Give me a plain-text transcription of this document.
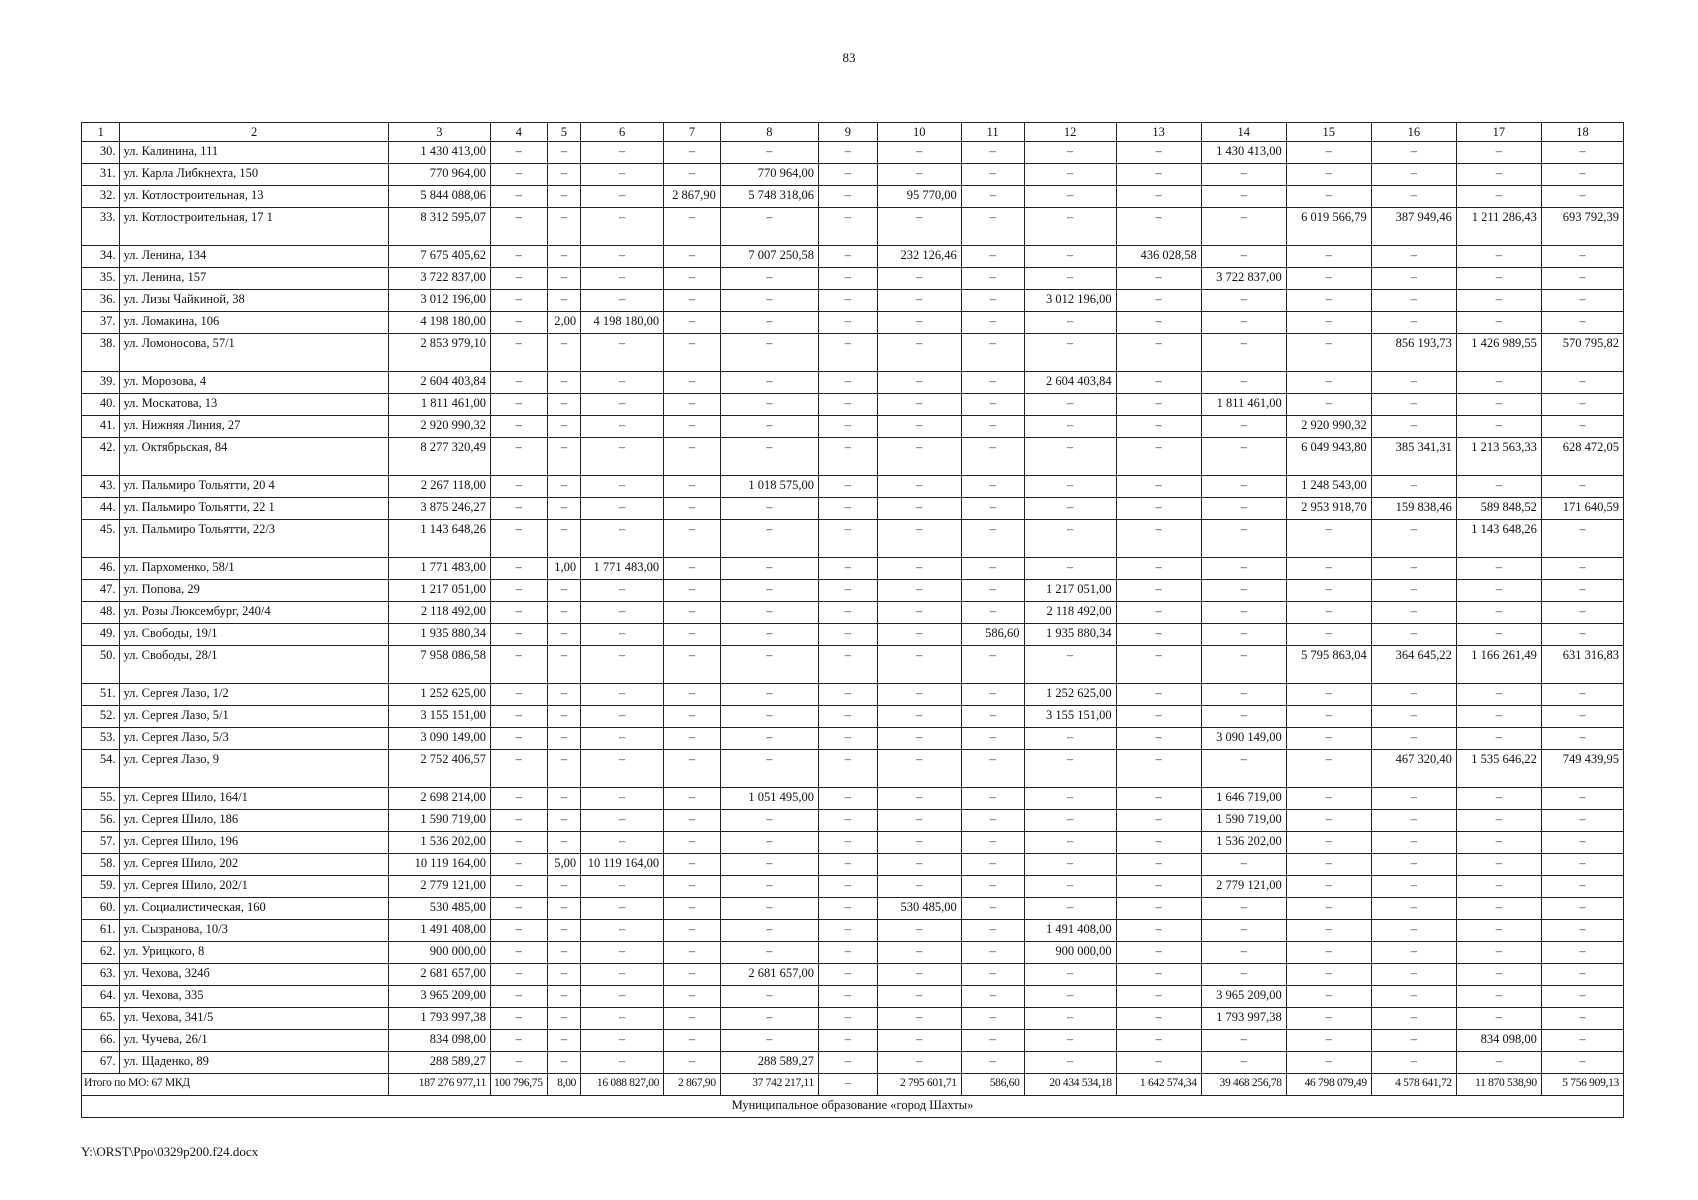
83
1	2	3	4	5	6	7	8	9	10	11	12	13	14	15	16	17	18
30.	ул. Калинина, 111	1 430 413,00	–	–	–	–	–	–	–	–	–	–	1 430 413,00	–	–	–	–
31.	ул. Карла Либкнехта, 150	770 964,00	–	–	–	–	770 964,00	–	–	–	–	–	–	–	–	–	–
32.	ул. Котлостроительная, 13	5 844 088,06	–	–	–	2 867,90	5 748 318,06	–	95 770,00	–	–	–	–	–	–	–	–
33.	ул. Котлостроительная, 17 1	8 312 595,07	–	–	–	–	–	–	–	–	–	–	–	6 019 566,79	387 949,46	1 211 286,43	693 792,39
34.	ул. Ленина, 134	7 675 405,62	–	–	–	–	7 007 250,58	–	232 126,46	–	–	436 028,58	–	–	–	–	–
35.	ул. Ленина, 157	3 722 837,00	–	–	–	–	–	–	–	–	–	–	3 722 837,00	–	–	–	–
36.	ул. Лизы Чайкиной, 38	3 012 196,00	–	–	–	–	–	–	–	–	3 012 196,00	–	–	–	–	–	–
37.	ул. Ломакина, 106	4 198 180,00	–	2,00	4 198 180,00	–	–	–	–	–	–	–	–	–	–	–	–
38.	ул. Ломоносова, 57/1	2 853 979,10	–	–	–	–	–	–	–	–	–	–	–	–	856 193,73	1 426 989,55	570 795,82
39.	ул. Морозова, 4	2 604 403,84	–	–	–	–	–	–	–	–	2 604 403,84	–	–	–	–	–	–
40.	ул. Москатова, 13	1 811 461,00	–	–	–	–	–	–	–	–	–	–	1 811 461,00	–	–	–	–
41.	ул. Нижняя Линия, 27	2 920 990,32	–	–	–	–	–	–	–	–	–	–	–	2 920 990,32	–	–	–
42.	ул. Октябрьская, 84	8 277 320,49	–	–	–	–	–	–	–	–	–	–	–	6 049 943,80	385 341,31	1 213 563,33	628 472,05
43.	ул. Пальмиро Тольятти, 20 4	2 267 118,00	–	–	–	–	1 018 575,00	–	–	–	–	–	–	1 248 543,00	–	–	–
44.	ул. Пальмиро Тольятти, 22 1	3 875 246,27	–	–	–	–	–	–	–	–	–	–	–	2 953 918,70	159 838,46	589 848,52	171 640,59
45.	ул. Пальмиро Тольятти, 22/3	1 143 648,26	–	–	–	–	–	–	–	–	–	–	–	–	–	1 143 648,26	–
46.	ул. Пархоменко, 58/1	1 771 483,00	–	1,00	1 771 483,00	–	–	–	–	–	–	–	–	–	–	–	–
47.	ул. Попова, 29	1 217 051,00	–	–	–	–	–	–	–	–	1 217 051,00	–	–	–	–	–	–
48.	ул. Розы Люксембург, 240/4	2 118 492,00	–	–	–	–	–	–	–	–	2 118 492,00	–	–	–	–	–	–
49.	ул. Свободы, 19/1	1 935 880,34	–	–	–	–	–	–	–	586,60	1 935 880,34	–	–	–	–	–	–
50.	ул. Свободы, 28/1	7 958 086,58	–	–	–	–	–	–	–	–	–	–	–	5 795 863,04	364 645,22	1 166 261,49	631 316,83
51.	ул. Сергея Лазо, 1/2	1 252 625,00	–	–	–	–	–	–	–	–	1 252 625,00	–	–	–	–	–	–
52.	ул. Сергея Лазо, 5/1	3 155 151,00	–	–	–	–	–	–	–	–	3 155 151,00	–	–	–	–	–	–
53.	ул. Сергея Лазо, 5/3	3 090 149,00	–	–	–	–	–	–	–	–	–	–	3 090 149,00	–	–	–	–
54.	ул. Сергея Лазо, 9	2 752 406,57	–	–	–	–	–	–	–	–	–	–	–	–	467 320,40	1 535 646,22	749 439,95
55.	ул. Сергея Шило, 164/1	2 698 214,00	–	–	–	–	1 051 495,00	–	–	–	–	–	1 646 719,00	–	–	–	–
56.	ул. Сергея Шило, 186	1 590 719,00	–	–	–	–	–	–	–	–	–	–	1 590 719,00	–	–	–	–
57.	ул. Сергея Шило, 196	1 536 202,00	–	–	–	–	–	–	–	–	–	–	1 536 202,00	–	–	–	–
58.	ул. Сергея Шило, 202	10 119 164,00	–	5,00	10 119 164,00	–	–	–	–	–	–	–	–	–	–	–	–
59.	ул. Сергея Шило, 202/1	2 779 121,00	–	–	–	–	–	–	–	–	–	–	2 779 121,00	–	–	–	–
60.	ул. Социалистическая, 160	530 485,00	–	–	–	–	–	–	530 485,00	–	–	–	–	–	–	–	–
61.	ул. Сызранова, 10/3	1 491 408,00	–	–	–	–	–	–	–	–	1 491 408,00	–	–	–	–	–	–
62.	ул. Урицкого, 8	900 000,00	–	–	–	–	–	–	–	–	900 000,00	–	–	–	–	–	–
63.	ул. Чехова, 324б	2 681 657,00	–	–	–	–	2 681 657,00	–	–	–	–	–	–	–	–	–	–
64.	ул. Чехова, 335	3 965 209,00	–	–	–	–	–	–	–	–	–	–	3 965 209,00	–	–	–	–
65.	ул. Чехова, 341/5	1 793 997,38	–	–	–	–	–	–	–	–	–	–	1 793 997,38	–	–	–	–
66.	ул. Чучева, 26/1	834 098,00	–	–	–	–	–	–	–	–	–	–	–	–	–	834 098,00	–
67.	ул. Щаденко, 89	288 589,27	–	–	–	–	288 589,27	–	–	–	–	–	–	–	–	–	–
Итого по МО: 67 МКД		187 276 977,11	100 796,75	8,00	16 088 827,00	2 867,90	37 742 217,11	–	2 795 601,71	586,60	20 434 534,18	1 642 574,34	39 468 256,78	46 798 079,49	4 578 641,72	11 870 538,90	5 756 909,13
Муниципальное образование «город Шахты»																	
Y:\ORST\Ppo\0329p200.f24.docx
